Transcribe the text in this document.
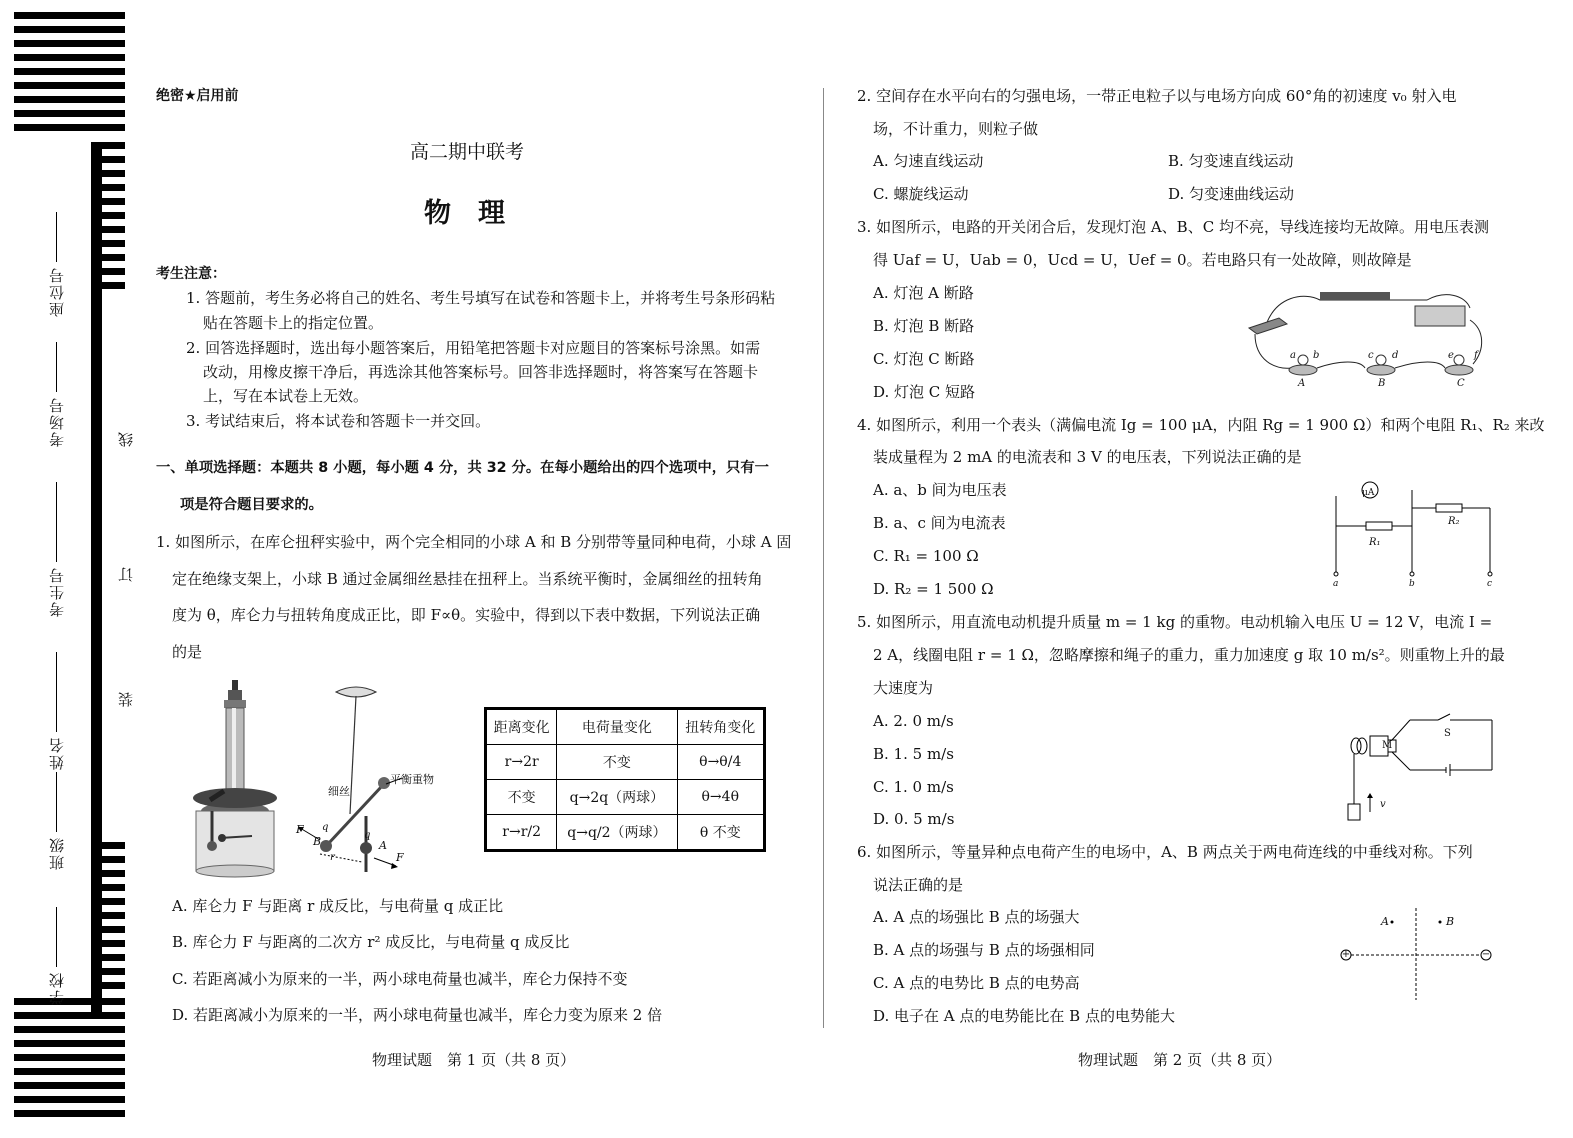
座位号
考场号
考生号
姓名
班级
学校
线
订
装
绝密★启用前
高二期中联考
物　理
考生注意：
1. 答题前，考生务必将自己的姓名、考生号填写在试卷和答题卡上，并将考生号条形码粘
贴在答题卡上的指定位置。
2. 回答选择题时，选出每小题答案后，用铅笔把答题卡对应题目的答案标号涂黑。如需
改动，用橡皮擦干净后，再选涂其他答案标号。回答非选择题时，将答案写在答题卡
上，写在本试卷上无效。
3. 考试结束后，将本试卷和答题卡一并交回。
一、单项选择题：本题共 8 小题，每小题 4 分，共 32 分。在每小题给出的四个选项中，只有一
项是符合题目要求的。
1. 如图所示，在库仑扭秤实验中，两个完全相同的小球 A 和 B 分别带等量同种电荷，小球 A 固
定在绝缘支架上，小球 B 通过金属细丝悬挂在扭秤上。当系统平衡时，金属细丝的扭转角
度为 θ，库仑力与扭转角度成正比，即 F∝θ。实验中，得到以下表中数据，下列说法正确
的是
细丝
平衡重物
F
B
q
q
A
r	F
距离变化	电荷量变化	扭转角变化
r→2r	不变	θ→θ/4
不变	q→2q（两球）	θ→4θ
r→r/2	q→q/2（两球）	θ 不变
A. 库仑力 F 与距离 r 成反比，与电荷量 q 成正比
B. 库仑力 F 与距离的二次方 r² 成反比，与电荷量 q 成反比
C. 若距离减小为原来的一半，两小球电荷量也减半，库仑力保持不变
D. 若距离减小为原来的一半，两小球电荷量也减半，库仑力变为原来 2 倍
物理试题　第 1 页（共 8 页）
2. 空间存在水平向右的匀强电场，一带正电粒子以与电场方向成 60°角的初速度 v₀ 射入电
场，不计重力，则粒子做
A. 匀速直线运动	B. 匀变速直线运动
C. 螺旋线运动	D. 匀变速曲线运动
3. 如图所示，电路的开关闭合后，发现灯泡 A、B、C 均不亮，导线连接均无故障。用电压表测
得 Uaf = U，Uab = 0，Ucd = U，Uef = 0。若电路只有一处故障，则故障是
A. 灯泡 A 断路
B. 灯泡 B 断路
C. 灯泡 C 断路
D. 灯泡 C 短路
a b	c d	e f
A	B	C
4. 如图所示，利用一个表头（满偏电流 Ig = 100 μA，内阻 Rg = 1 900 Ω）和两个电阻 R₁、R₂ 来改
装成量程为 2 mA 的电流表和 3 V 的电压表，下列说法正确的是
A. a、b 间为电压表
B. a、c 间为电流表
C. R₁ = 100 Ω
D. R₂ = 1 500 Ω
μA
R₁
R₂
a	b	c
5. 如图所示，用直流电动机提升质量 m = 1 kg 的重物。电动机输入电压 U = 12 V，电流 I =
2 A，线圈电阻 r = 1 Ω，忽略摩擦和绳子的重力，重力加速度 g 取 10 m/s²。则重物上升的最
大速度为
A. 2. 0 m/s
B. 1. 5 m/s
C. 1. 0 m/s
D. 0. 5 m/s
M
S
v
6. 如图所示，等量异种点电荷产生的电场中，A、B 两点关于两电荷连线的中垂线对称。下列
说法正确的是
A. A 点的场强比 B 点的场强大
B. A 点的场强与 B 点的场强相同
C. A 点的电势比 B 点的电势高
D. 电子在 A 点的电势能比在 B 点的电势能大
+	−
A	B
物理试题　第 2 页（共 8 页）
